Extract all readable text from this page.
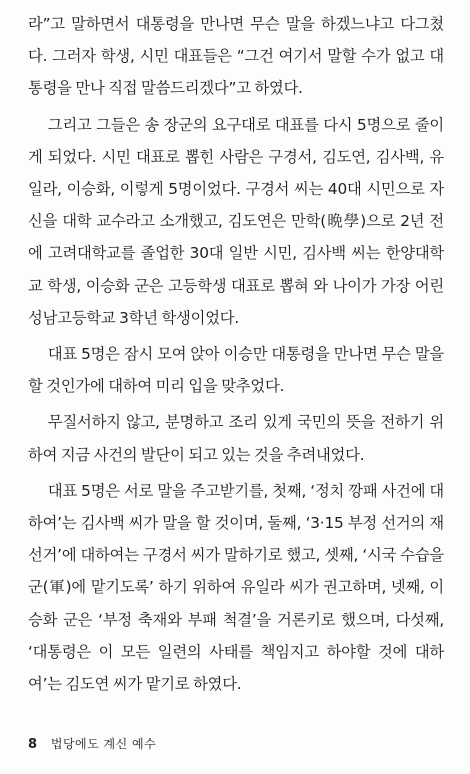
라”고 말하면서 대통령을 만나면 무슨 말을 하겠느냐고 다그쳤다. 그러자 학생, 시민 대표들은 “그건 여기서 말할 수가 없고 대통령을 만나 직접 말씀드리겠다”고 하였다.

그리고 그들은 송 장군의 요구대로 대표를 다시 5명으로 줄이게 되었다. 시민 대표로 뽑힌 사람은 구경서, 김도연, 김사백, 유일라, 이승화, 이렇게 5명이었다. 구경서 씨는 40대 시민으로 자신을 대학 교수라고 소개했고, 김도연은 만학(晩學)으로 2년 전에 고려대학교를 졸업한 30대 일반 시민, 김사백 씨는 한양대학교 학생, 이승화 군은 고등학생 대표로 뽑혀 와 나이가 가장 어린 성남고등학교 3학년 학생이었다.

대표 5명은 잠시 모여 앉아 이승만 대통령을 만나면 무슨 말을 할 것인가에 대하여 미리 입을 맞추었다.

무질서하지 않고, 분명하고 조리 있게 국민의 뜻을 전하기 위하여 지금 사건의 발단이 되고 있는 것을 추려내었다.

대표 5명은 서로 말을 주고받기를, 첫째, ‘정치 깡패 사건에 대하여’는 김사백 씨가 말을 할 것이며, 둘째, ‘3·15 부정 선거의 재선거’에 대하여는 구경서 씨가 말하기로 했고, 셋째, ‘시국 수습을 군(軍)에 맡기도록’ 하기 위하여 유일라 씨가 권고하며, 넷째, 이승화 군은 ‘부정 축재와 부패 척결’을 거론키로 했으며, 다섯째, ‘대통령은 이 모든 일련의 사태를 책임지고 하야할 것에 대하여’는 김도연 씨가 맡기로 하였다.

8 법당에도 계신 예수
